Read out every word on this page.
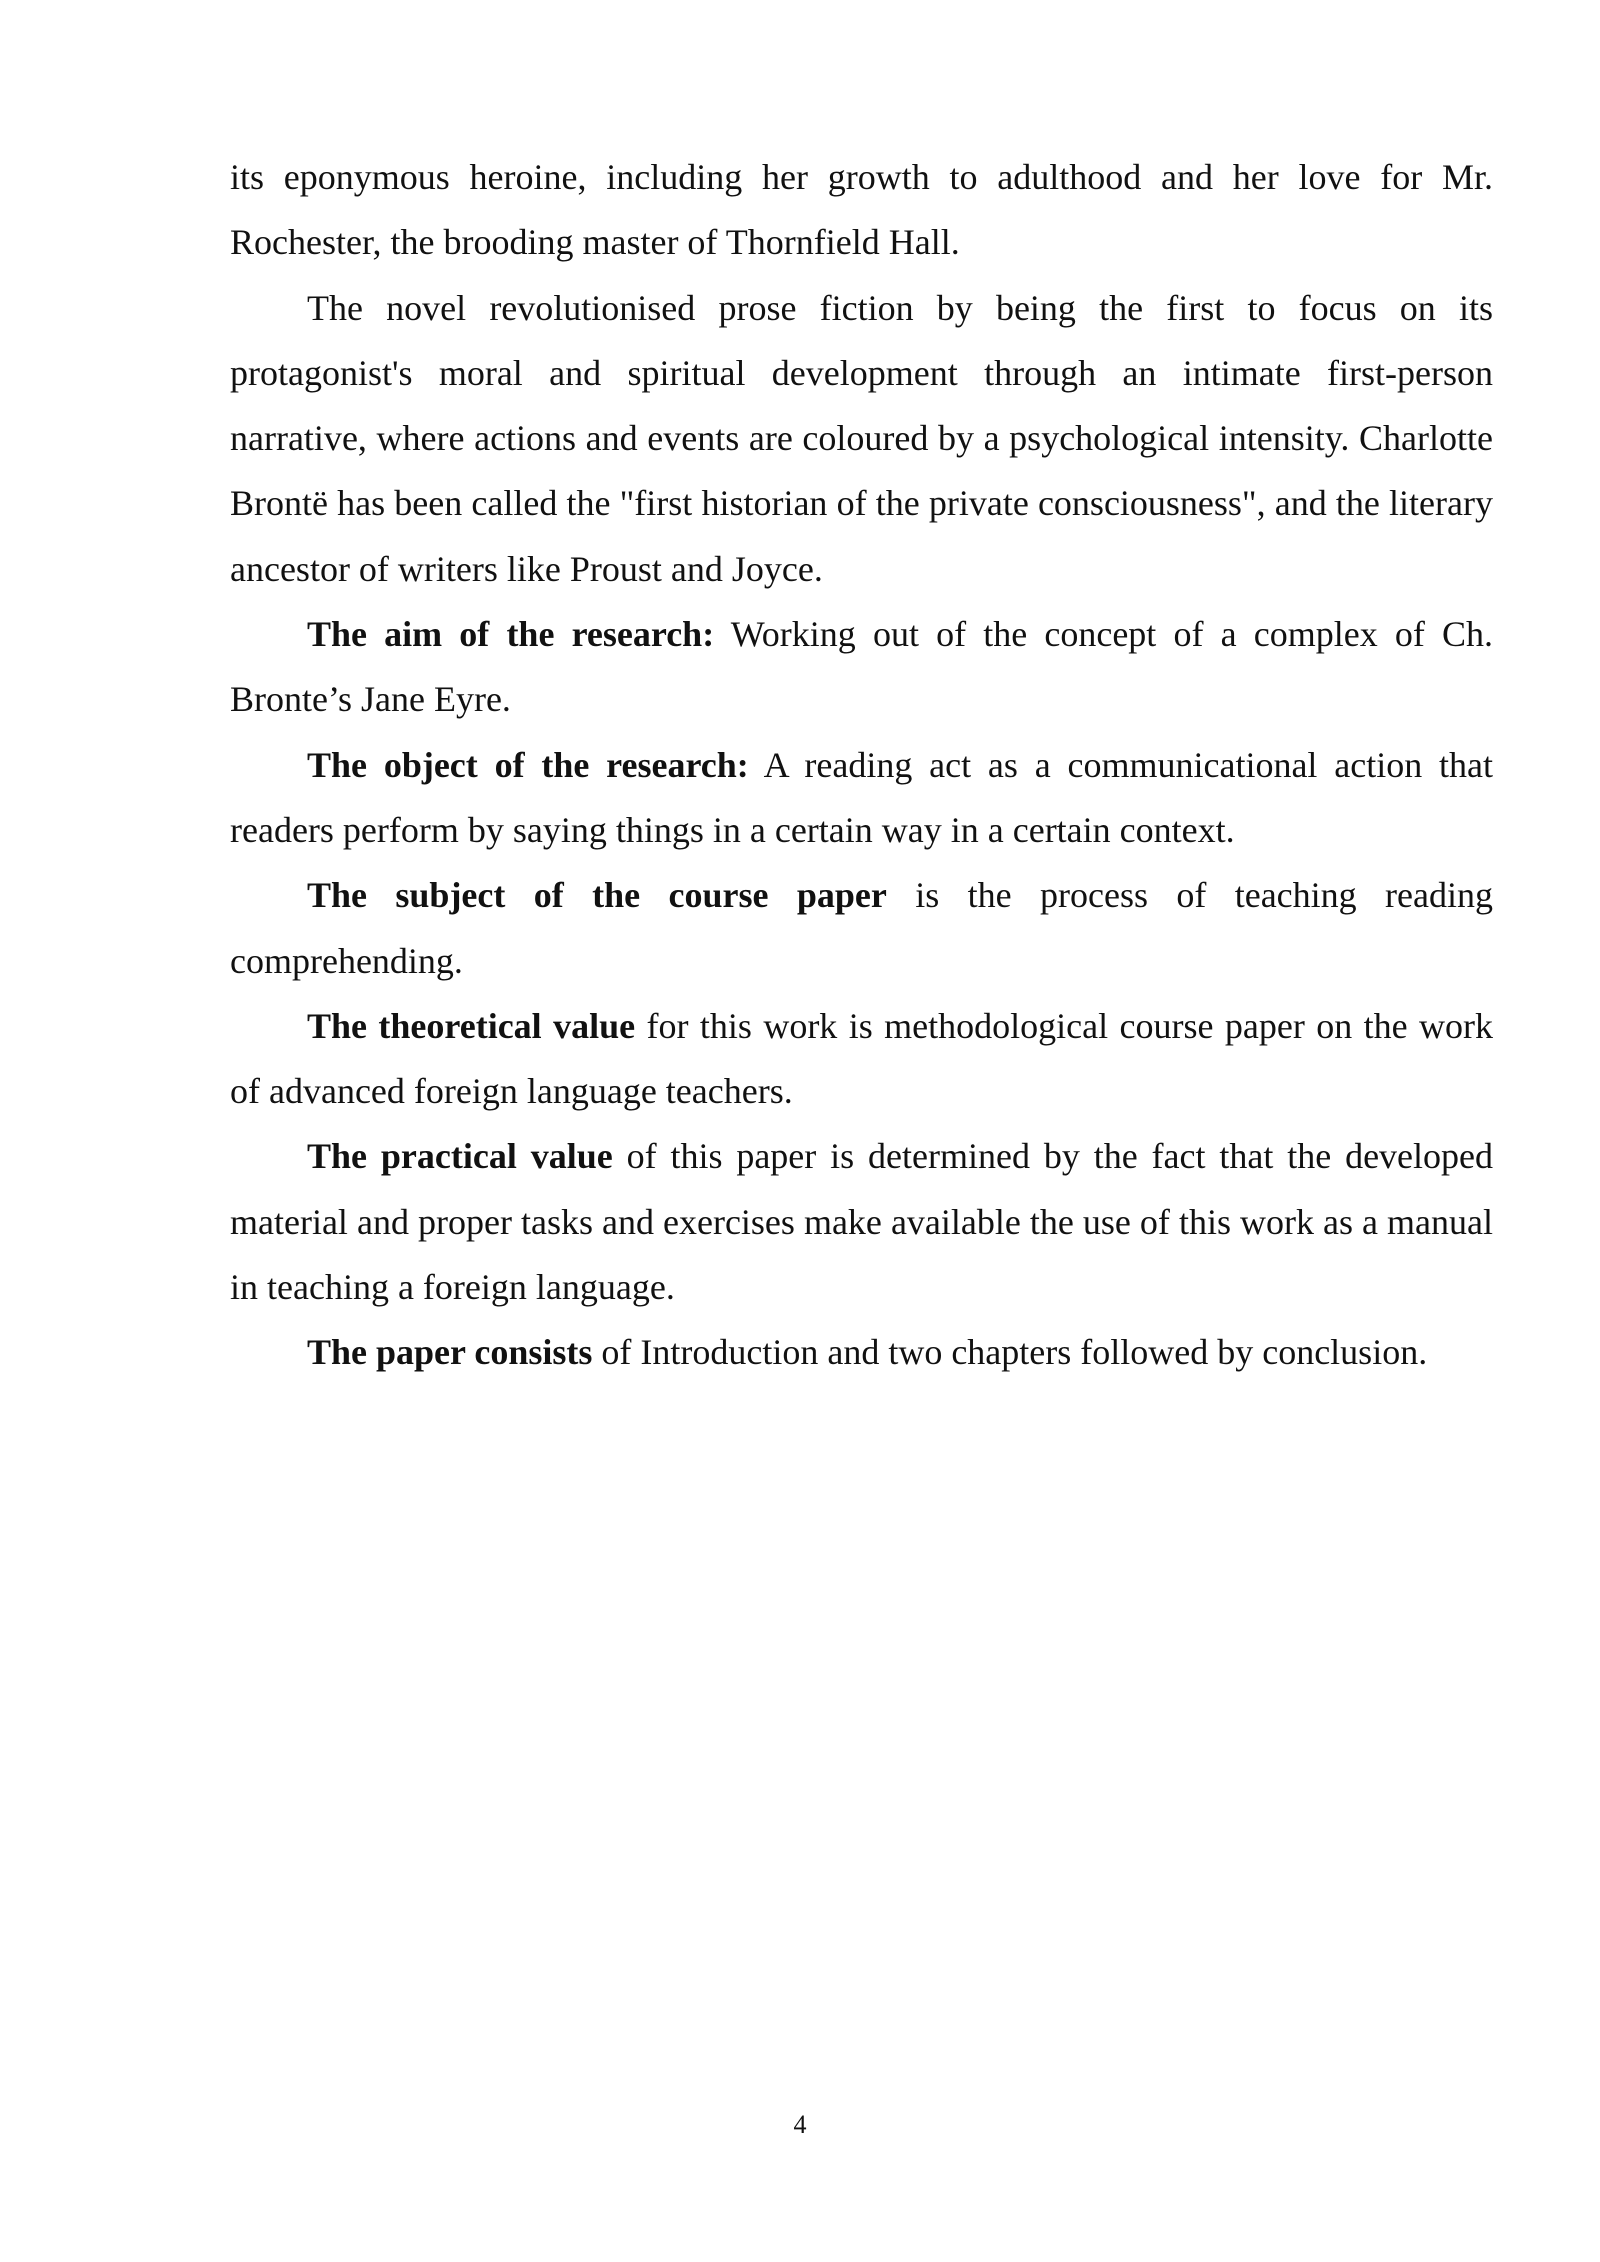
its eponymous heroine, including her growth to adulthood and her love for Mr. Rochester, the brooding master of Thornfield Hall.

The novel revolutionised prose fiction by being the first to focus on its protagonist's moral and spiritual development through an intimate first-person narrative, where actions and events are coloured by a psychological intensity. Charlotte Brontë has been called the "first historian of the private consciousness", and the literary ancestor of writers like Proust and Joyce.

The aim of the research: Working out of the concept of a complex of Ch. Bronte’s Jane Eyre.

The object of the research: A reading act as a communicational action that readers perform by saying things in a certain way in a certain context.

The subject of the course paper is the process of teaching reading comprehending.

The theoretical value for this work is methodological course paper on the work of advanced foreign language teachers.

The practical value of this paper is determined by the fact that the developed material and proper tasks and exercises make available the use of this work as a manual in teaching a foreign language.

The paper consists of Introduction and two chapters followed by conclusion.

4
